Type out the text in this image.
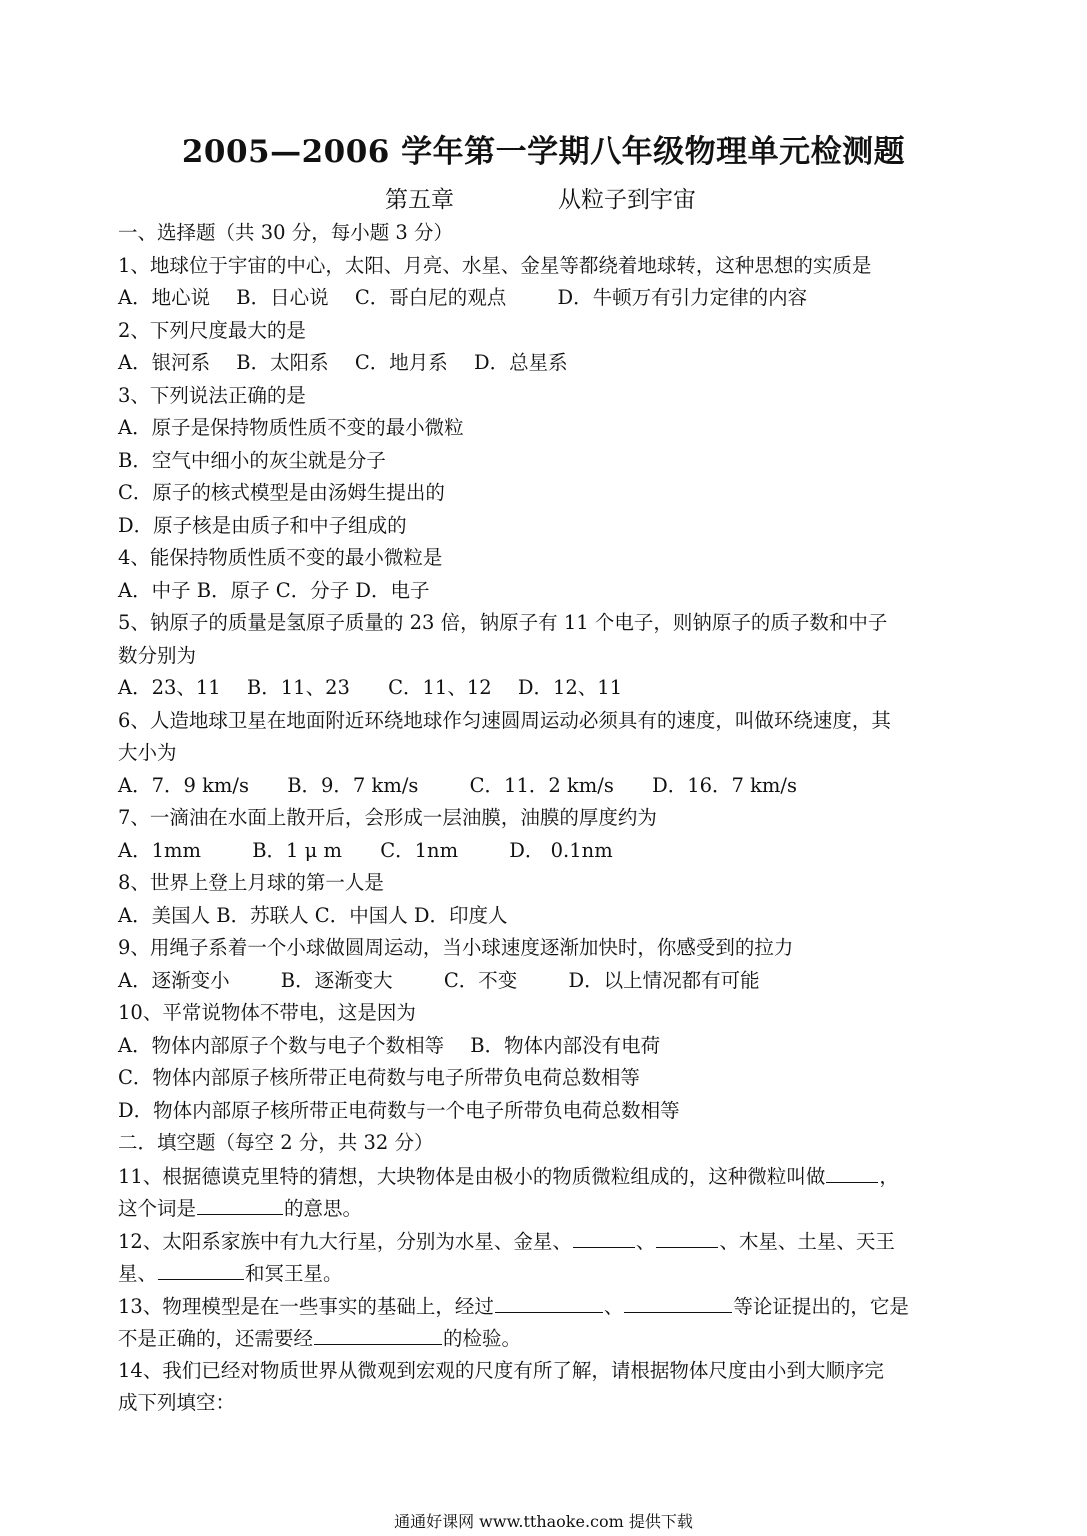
2005—2006 学年第一学期八年级物理单元检测题
第五章	从粒子到宇宙
一、选择题（共 30 分，每小题 3 分）
1、地球位于宇宙的中心，太阳、月亮、水星、金星等都绕着地球转，这种思想的实质是
A．地心说 B．日心说 C．哥白尼的观点	D．牛顿万有引力定律的内容
2、下列尺度最大的是
A．银河系 B．太阳系 C．地月系 D．总星系
3、下列说法正确的是
A．原子是保持物质性质不变的最小微粒
B．空气中细小的灰尘就是分子
C．原子的核式模型是由汤姆生提出的
D．原子核是由质子和中子组成的
4、能保持物质性质不变的最小微粒是
A．中子 B．原子 C．分子 D．电子
5、钠原子的质量是氢原子质量的 23 倍，钠原子有 11 个电子，则钠原子的质子数和中子
数分别为
A．23、11 B．11、23 C．11、12 D．12、11
6、人造地球卫星在地面附近环绕地球作匀速圆周运动必须具有的速度，叫做环绕速度，其
大小为
A．7．9 km/s B．9．7 km/s	C．11．2 km/s D．16．7 km/s
7、一滴油在水面上散开后，会形成一层油膜，油膜的厚度约为
A．1mm	B．1 μ m C．1nm	D． 0.1nm
8、世界上登上月球的第一人是
A．美国人 B．苏联人 C．中国人 D．印度人
9、用绳子系着一个小球做圆周运动，当小球速度逐渐加快时，你感受到的拉力
A．逐渐变小	B．逐渐变大	C．不变	D．以上情况都有可能
10、平常说物体不带电，这是因为
A．物体内部原子个数与电子个数相等 B．物体内部没有电荷
C．物体内部原子核所带正电荷数与电子所带负电荷总数相等
D．物体内部原子核所带正电荷数与一个电子所带负电荷总数相等
二．填空题（每空 2 分，共 32 分）
11、根据德谟克里特的猜想，大块物体是由极小的物质微粒组成的，这种微粒叫做	，
这个词是	的意思。
12、太阳系家族中有九大行星，分别为水星、金星、	、	、木星、土星、天王
星、	和冥王星。
13、物理模型是在一些事实的基础上，经过	、	等论证提出的，它是
不是正确的，还需要经	的检验。
14、我们已经对物质世界从微观到宏观的尺度有所了解，请根据物体尺度由小到大顺序完
成下列填空：
通通好课网 www.tthaoke.com 提供下载
